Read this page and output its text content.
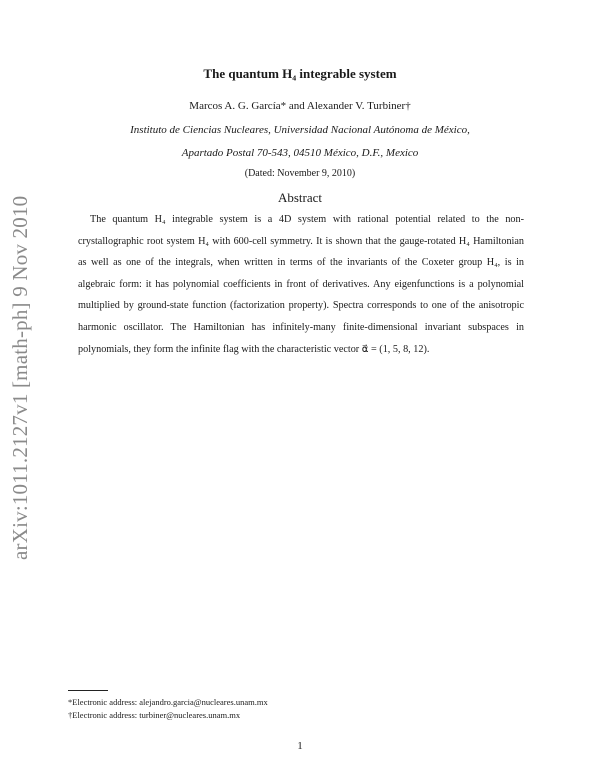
arXiv:1011.2127v1 [math-ph] 9 Nov 2010
The quantum H₄ integrable system
Marcos A. G. García* and Alexander V. Turbiner†
Instituto de Ciencias Nucleares, Universidad Nacional Autónoma de México,
Apartado Postal 70-543, 04510 México, D.F., Mexico
(Dated: November 9, 2010)
Abstract

The quantum H₄ integrable system is a 4D system with rational potential related to the non-crystallographic root system H₄ with 600-cell symmetry. It is shown that the gauge-rotated H₄ Hamiltonian as well as one of the integrals, when written in terms of the invariants of the Coxeter group H₄, is in algebraic form: it has polynomial coefficients in front of derivatives. Any eigenfunctions is a polynomial multiplied by ground-state function (factorization property). Spectra corresponds to one of the anisotropic harmonic oscillator. The Hamiltonian has infinitely-many finite-dimensional invariant subspaces in polynomials, they form the infinite flag with the characteristic vector α⃗ = (1, 5, 8, 12).

*Electronic address: alejandro.garcia@nucleares.unam.mx
†Electronic address: turbiner@nucleares.unam.mx
1
